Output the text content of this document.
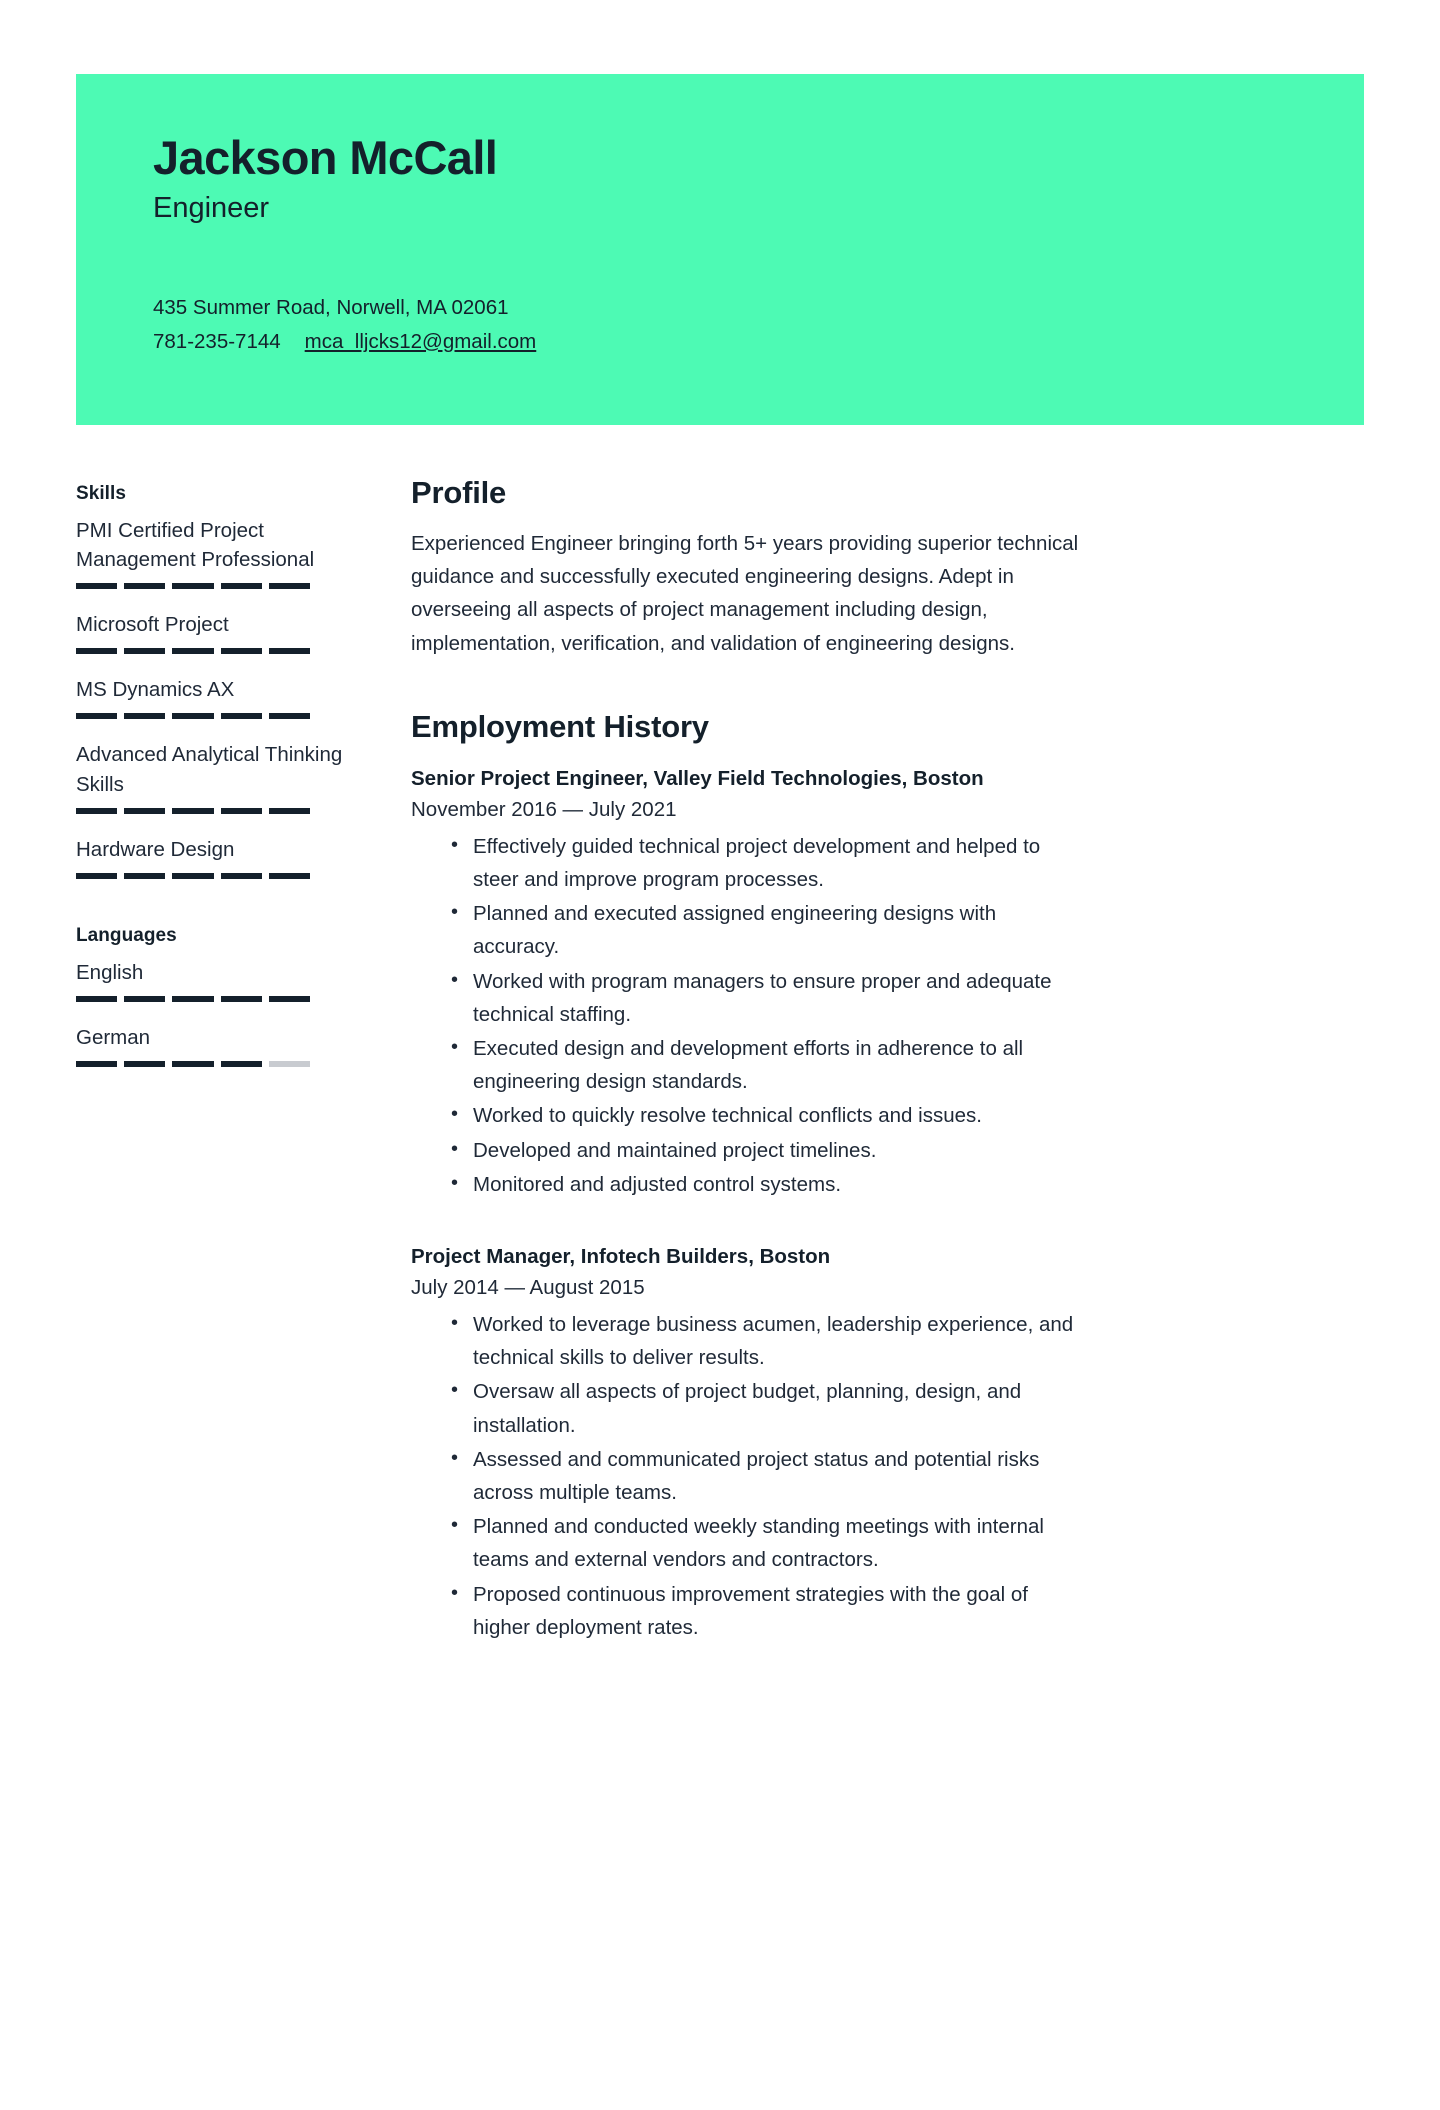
Jackson McCall
Engineer
435 Summer Road, Norwell, MA 02061
781-235-7144 mca_lljcks12@gmail.com
Skills
PMI Certified Project Management Professional
Microsoft Project
MS Dynamics AX
Advanced Analytical Thinking Skills
Hardware Design
Languages
English
German
Profile

Experienced Engineer bringing forth 5+ years providing superior technical guidance and successfully executed engineering designs. Adept in overseeing all aspects of project management including design, implementation, verification, and validation of engineering designs.

Employment History
Senior Project Engineer, Valley Field Technologies, Boston
November 2016 — July 2021
• Effectively guided technical project development and helped to steer and improve program processes.
• Planned and executed assigned engineering designs with accuracy.
• Worked with program managers to ensure proper and adequate technical staffing.
• Executed design and development efforts in adherence to all engineering design standards.
• Worked to quickly resolve technical conflicts and issues.
• Developed and maintained project timelines.
• Monitored and adjusted control systems.
Project Manager, Infotech Builders, Boston
July 2014 — August 2015
• Worked to leverage business acumen, leadership experience, and technical skills to deliver results.
• Oversaw all aspects of project budget, planning, design, and installation.
• Assessed and communicated project status and potential risks across multiple teams.
• Planned and conducted weekly standing meetings with internal teams and external vendors and contractors.
• Proposed continuous improvement strategies with the goal of higher deployment rates.
